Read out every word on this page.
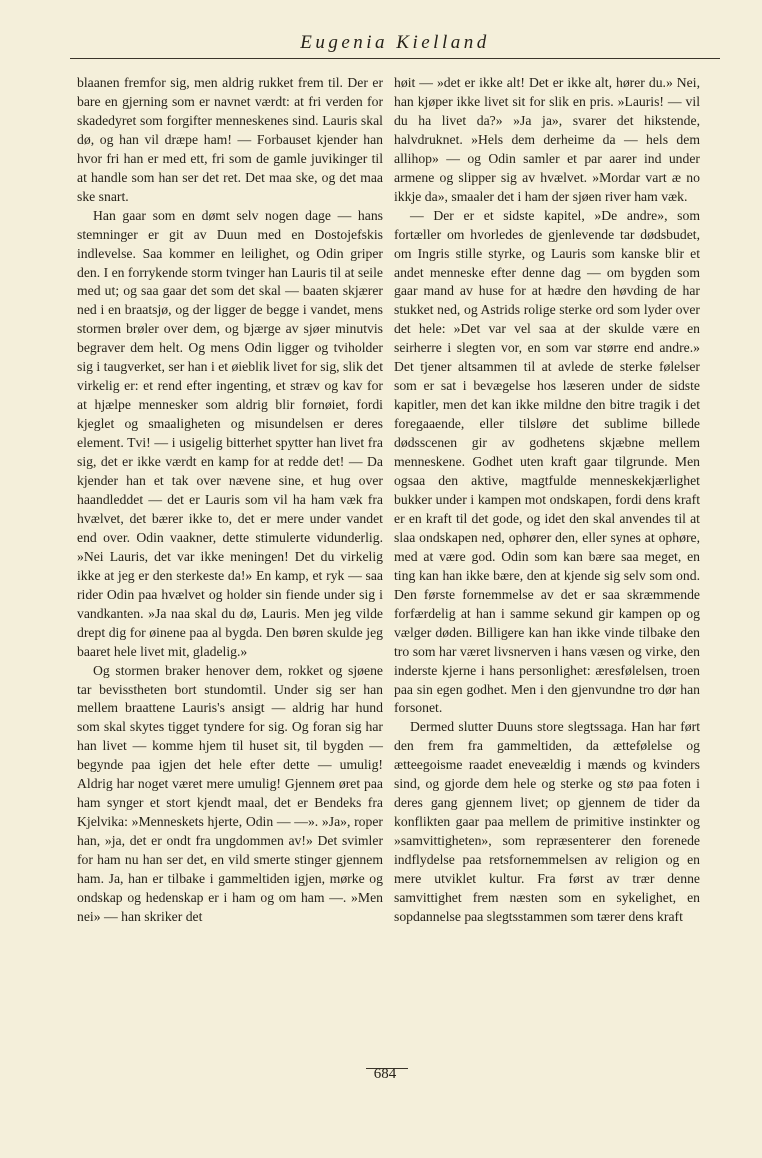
Eugenia Kielland

blaanen fremfor sig, men aldrig rukket frem til. Der er bare en gjerning som er navnet værdt: at fri verden for skadedyret som forgifter menneskenes sind. Lauris skal dø, og han vil dræpe ham! — Forbauset kjender han hvor fri han er med ett, fri som de gamle juvikinger til at handle som han ser det ret. Det maa ske, og det maa ske snart.

Han gaar som en dømt selv nogen dage — hans stemninger er git av Duun med en Dostojefskis indlevelse. Saa kommer en leilighet, og Odin griper den. I en forrykende storm tvinger han Lauris til at seile med ut; og saa gaar det som det skal — baaten skjærer ned i en braatsjø, og der ligger de begge i vandet, mens stormen brøler over dem, og bjærge av sjøer minutvis begraver dem helt. Og mens Odin ligger og tviholder sig i taugverket, ser han i et øieblik livet for sig, slik det virkelig er: et rend efter ingenting, et stræv og kav for at hjælpe mennesker som aldrig blir fornøiet, fordi kjeglet og smaaligheten og misundelsen er deres element. Tvi! — i usigelig bitterhet spytter han livet fra sig, det er ikke værdt en kamp for at redde det! — Da kjender han et tak over nævene sine, et hug over haandleddet — det er Lauris som vil ha ham væk fra hvælvet, det bærer ikke to, det er mere under vandet end over. Odin vaakner, dette stimulerte vidunderlig. »Nei Lauris, det var ikke meningen! Det du virkelig ikke at jeg er den sterkeste da!» En kamp, et ryk — saa rider Odin paa hvælvet og holder sin fiende under sig i vandkanten. »Ja naa skal du dø, Lauris. Men jeg vilde drept dig for øinene paa al bygda. Den børen skulde jeg baaret hele livet mit, gladelig.»

Og stormen braker henover dem, rokket og sjøene tar bevisstheten bort stundomtil. Under sig ser han mellem braattene Lauris's ansigt — aldrig har hund som skal skytes tigget tyndere for sig. Og foran sig har han livet — komme hjem til huset sit, til bygden — begynde paa igjen det hele efter dette — umulig! Aldrig har noget været mere umulig! Gjennem øret paa ham synger et stort kjendt maal, det er Bendeks fra Kjelvika: »Menneskets hjerte, Odin — —». »Ja», roper han, »ja, det er ondt fra ungdommen av!» Det svimler for ham nu han ser det, en vild smerte stinger gjennem ham. Ja, han er tilbake i gammeltiden igjen, mørke og ondskap og hedenskap er i ham og om ham —. »Men nei» — han skriker det

høit — »det er ikke alt! Det er ikke alt, hører du.» Nei, han kjøper ikke livet sit for slik en pris. »Lauris! — vil du ha livet da?» »Ja ja», svarer det hikstende, halvdruknet. »Hels dem derheime da — hels dem allihop» — og Odin samler et par aarer ind under armene og slipper sig av hvælvet. »Mordar vart æ no ikkje da», smaaler det i ham der sjøen river ham væk.

— Der er et sidste kapitel, »De andre», som fortæller om hvorledes de gjenlevende tar dødsbudet, om Ingris stille styrke, og Lauris som kanske blir et andet menneske efter denne dag — om bygden som gaar mand av huse for at hædre den høvding de har stukket ned, og Astrids rolige sterke ord som lyder over det hele: »Det var vel saa at der skulde være en seirherre i slegten vor, en som var større end andre.» Det tjener altsammen til at avlede de sterke følelser som er sat i bevægelse hos læseren under de sidste kapitler, men det kan ikke mildne den bitre tragik i det foregaaende, eller tilsløre det sublime billede dødsscenen gir av godhetens skjæbne mellem menneskene. Godhet uten kraft gaar tilgrunde. Men ogsaa den aktive, magtfulde menneskekjærlighet bukker under i kampen mot ondskapen, fordi dens kraft er en kraft til det gode, og idet den skal anvendes til at slaa ondskapen ned, ophører den, eller synes at ophøre, med at være god. Odin som kan bære saa meget, en ting kan han ikke bære, den at kjende sig selv som ond. Den første fornemmelse av det er saa skræmmende forfærdelig at han i samme sekund gir kampen op og vælger døden. Billigere kan han ikke vinde tilbake den tro som har været livsnerven i hans væsen og virke, den inderste kjerne i hans personlighet: æresfølelsen, troen paa sin egen godhet. Men i den gjenvundne tro dør han forsonet.

Dermed slutter Duuns store slegtssaga. Han har ført den frem fra gammeltiden, da ættefølelse og ætteegoisme raadet eneveældig i mænds og kvinders sind, og gjorde dem hele og sterke og stø paa foten i deres gang gjennem livet; op gjennem de tider da konflikten gaar paa mellem de primitive instinkter og »samvittigheten», som repræsenterer den forenede indflydelse paa retsfornemmelsen av religion og en mere utviklet kultur. Fra først av trær denne samvittighet frem næsten som en sykelighet, en sopdannelse paa slegtsstammen som tærer dens kraft

684
